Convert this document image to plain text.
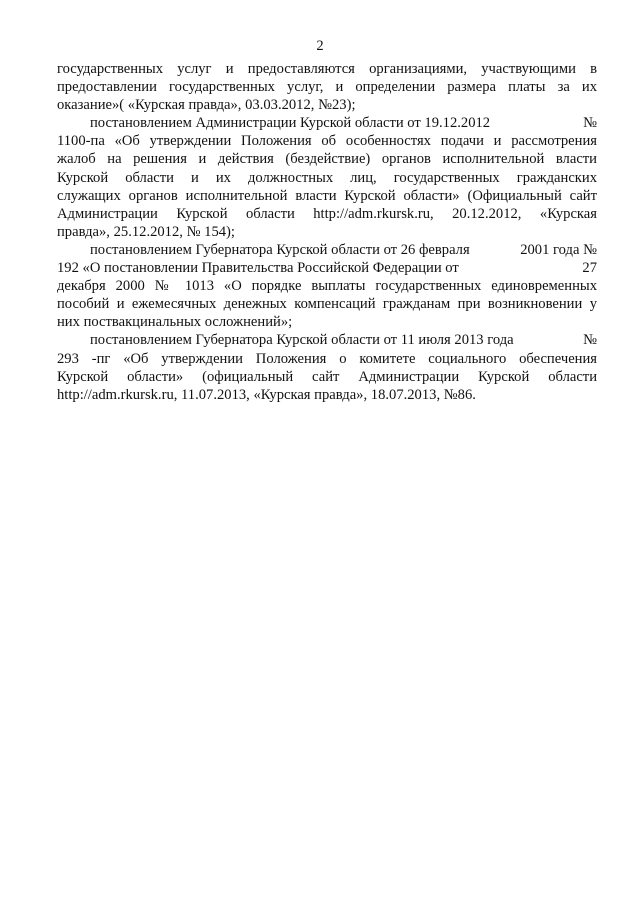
2
государственных услуг и предоставляются организациями, участвующими в
предоставлении государственных услуг, и определении размера платы за их
оказание»( «Курская правда», 03.03.2012, №23);
постановлением Администрации Курской области от 19.12.2012	№
1100-па «Об утверждении Положения об особенностях подачи и рассмотрения
жалоб на решения и действия (бездействие) органов исполнительной власти
Курской области и их должностных лиц, государственных гражданских
служащих органов исполнительной власти Курской области» (Официальный сайт
Администрации Курской области http://adm.rkursk.ru, 20.12.2012, «Курская
правда», 25.12.2012, № 154);
постановлением Губернатора Курской области от 26 февраля	2001 года №
192 «О постановлении Правительства Российской Федерации от	27
декабря 2000 № 1013 «О порядке выплаты государственных единовременных
пособий и ежемесячных денежных компенсаций гражданам при возникновении у
них поствакцинальных осложнений»;
постановлением Губернатора Курской области от 11 июля 2013 года	№
293 -пг «Об утверждении Положения о комитете социального обеспечения
Курской области» (официальный сайт Администрации Курской области
http://adm.rkursk.ru, 11.07.2013, «Курская правда», 18.07.2013, №86.
